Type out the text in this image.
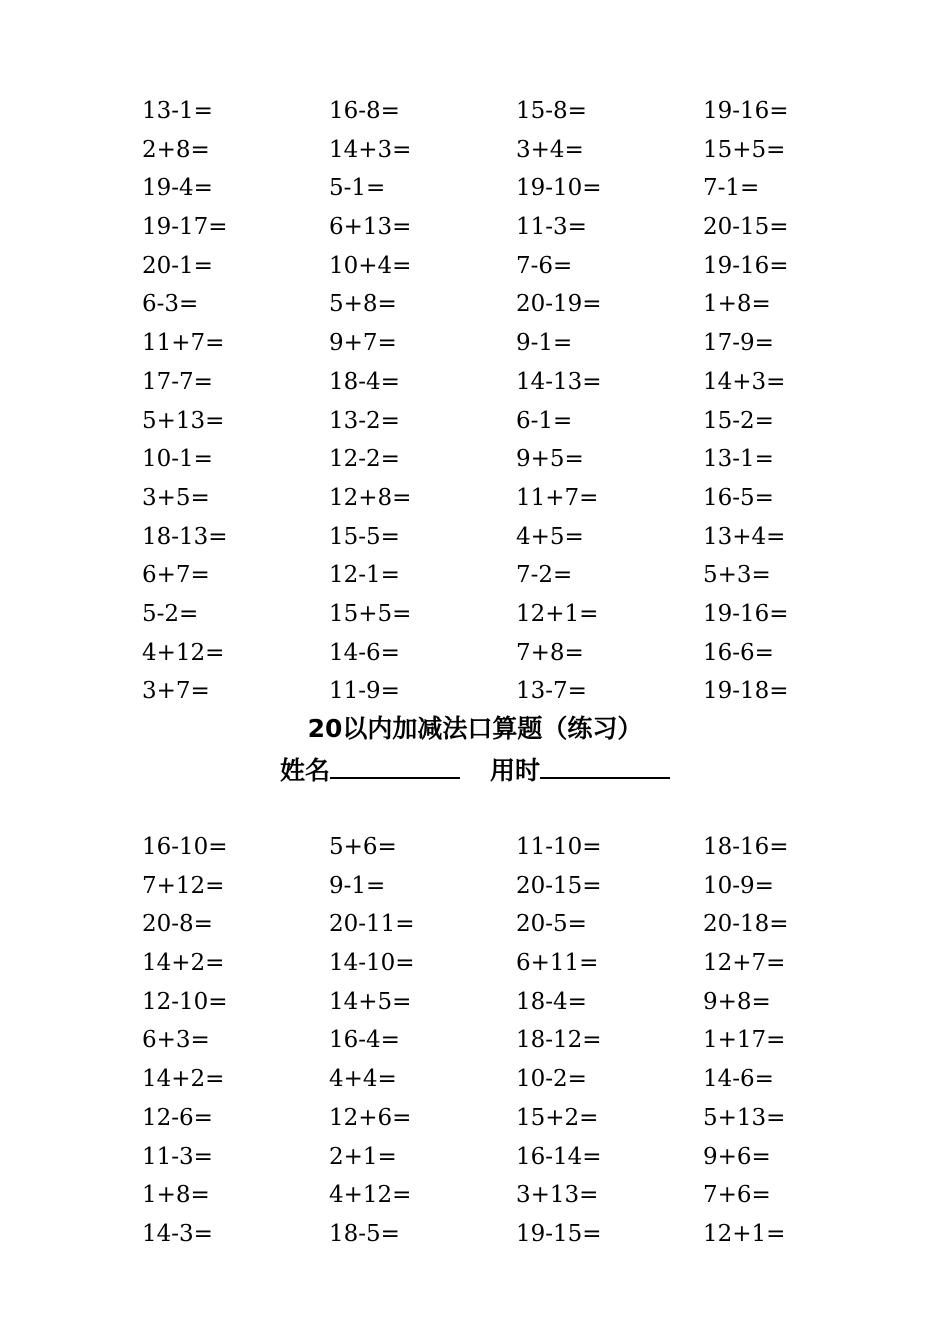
13-1=	16-8=	15-8=	19-16=
2+8=	14+3=	3+4=	15+5=
19-4=	5-1=	19-10=	7-1=
19-17=	6+13=	11-3=	20-15=
20-1=	10+4=	7-6=	19-16=
6-3=	5+8=	20-19=	1+8=
11+7=	9+7=	9-1=	17-9=
17-7=	18-4=	14-13=	14+3=
5+13=	13-2=	6-1=	15-2=
10-1=	12-2=	9+5=	13-1=
3+5=	12+8=	11+7=	16-5=
18-13=	15-5=	4+5=	13+4=
6+7=	12-1=	7-2=	5+3=
5-2=	15+5=	12+1=	19-16=
4+12=	14-6=	7+8=	16-6=
3+7=	11-9=	13-7=	19-18=
20以内加减法口算题（练习）
姓名	用时
16-10=	5+6=	11-10=	18-16=
7+12=	9-1=	20-15=	10-9=
20-8=	20-11=	20-5=	20-18=
14+2=	14-10=	6+11=	12+7=
12-10=	14+5=	18-4=	9+8=
6+3=	16-4=	18-12=	1+17=
14+2=	4+4=	10-2=	14-6=
12-6=	12+6=	15+2=	5+13=
11-3=	2+1=	16-14=	9+6=
1+8=	4+12=	3+13=	7+6=
14-3=	18-5=	19-15=	12+1=
